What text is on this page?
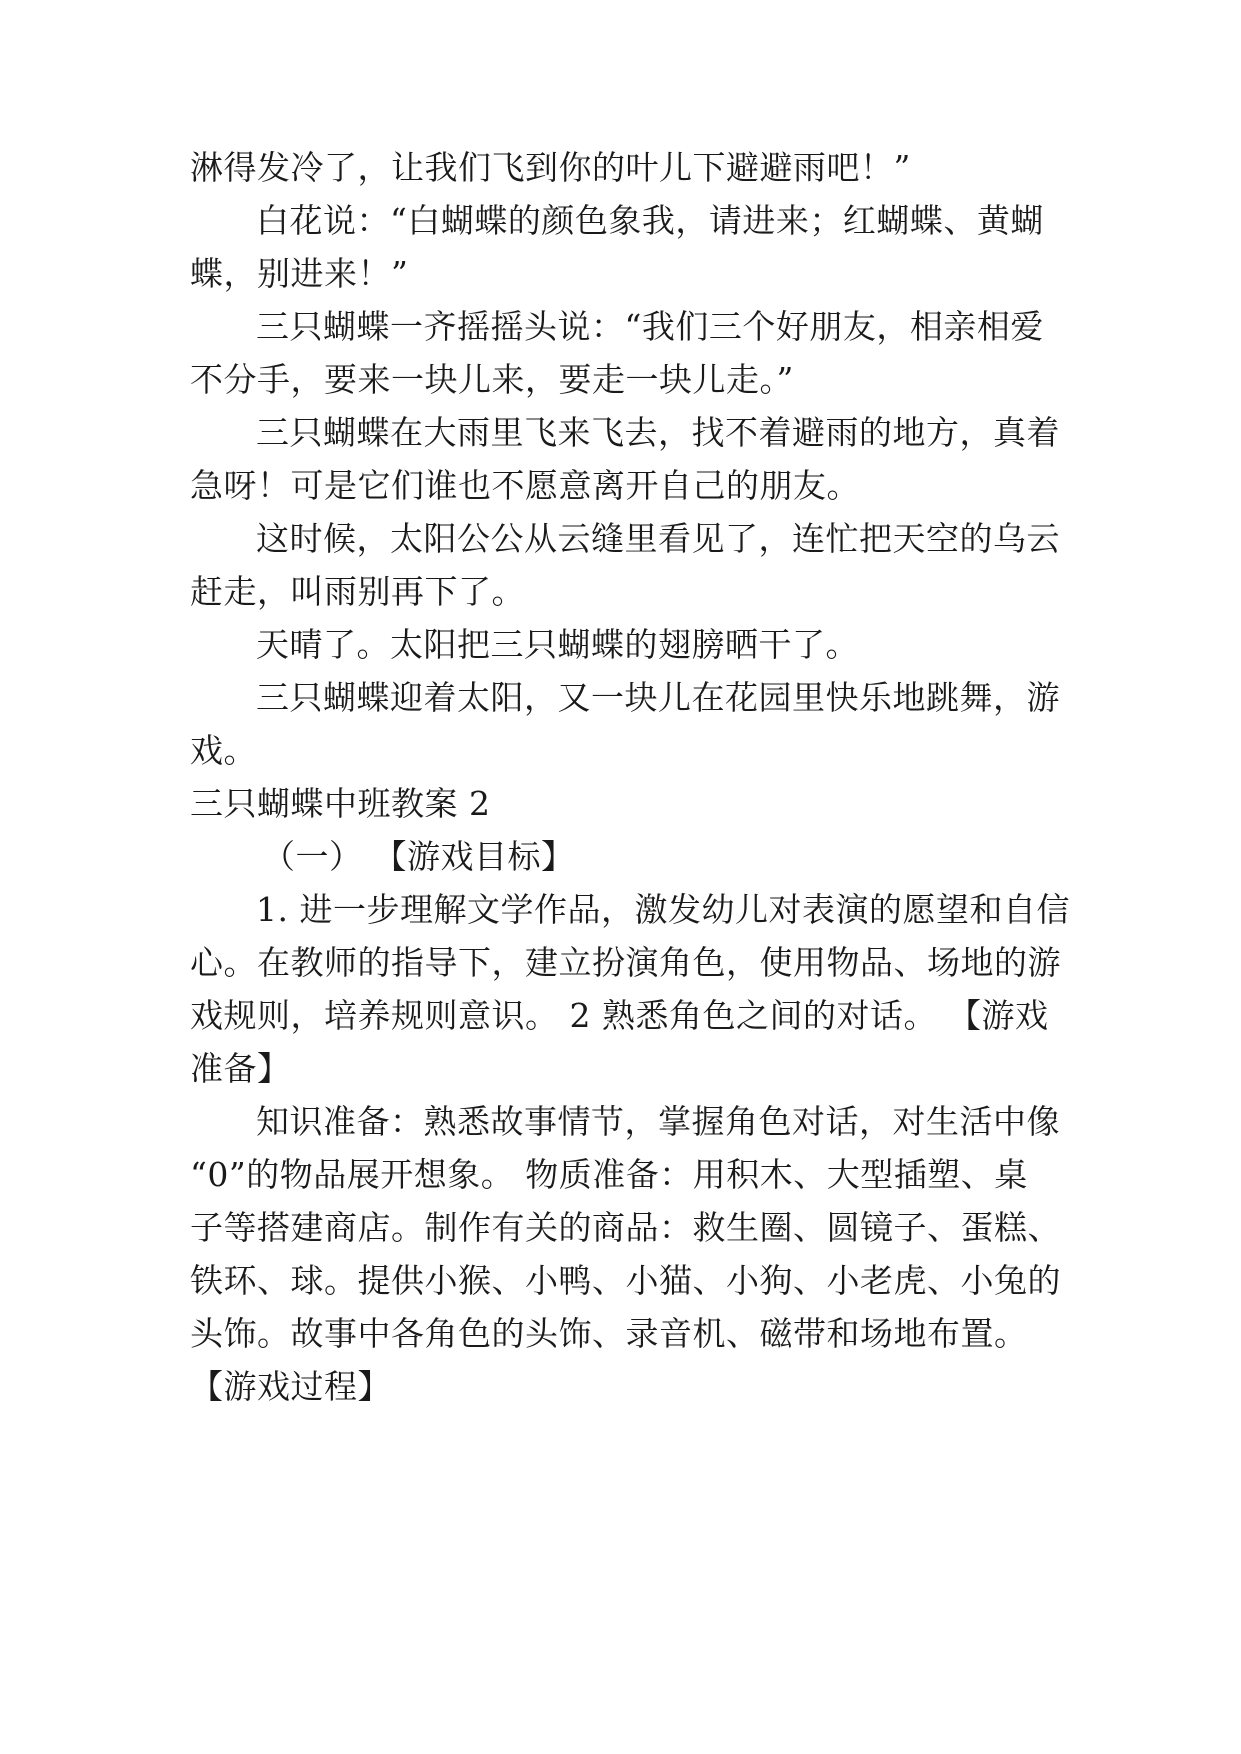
淋得发冷了，让我们飞到你的叶儿下避避雨吧！”

白花说：“白蝴蝶的颜色象我，请进来；红蝴蝶、黄蝴

蝶，别进来！”

三只蝴蝶一齐摇摇头说：“我们三个好朋友，相亲相爱

不分手，要来一块儿来，要走一块儿走。”

三只蝴蝶在大雨里飞来飞去，找不着避雨的地方，真着

急呀！可是它们谁也不愿意离开自己的朋友。

这时候，太阳公公从云缝里看见了，连忙把天空的乌云

赶走，叫雨别再下了。

天晴了。太阳把三只蝴蝶的翅膀晒干了。

三只蝴蝶迎着太阳，又一块儿在花园里快乐地跳舞，游

戏。

三只蝴蝶中班教案 2

（一） 【游戏目标】

1. 进一步理解文学作品，激发幼儿对表演的愿望和自信

心。在教师的指导下，建立扮演角色，使用物品、场地的游

戏规则，培养规则意识。 2 熟悉角色之间的对话。 【游戏

准备】

知识准备：熟悉故事情节，掌握角色对话，对生活中像

“0”的物品展开想象。 物质准备：用积木、大型插塑、桌

子等搭建商店。制作有关的商品：救生圈、圆镜子、蛋糕、

铁环、球。提供小猴、小鸭、小猫、小狗、小老虎、小兔的

头饰。故事中各角色的头饰、录音机、磁带和场地布置。

【游戏过程】
